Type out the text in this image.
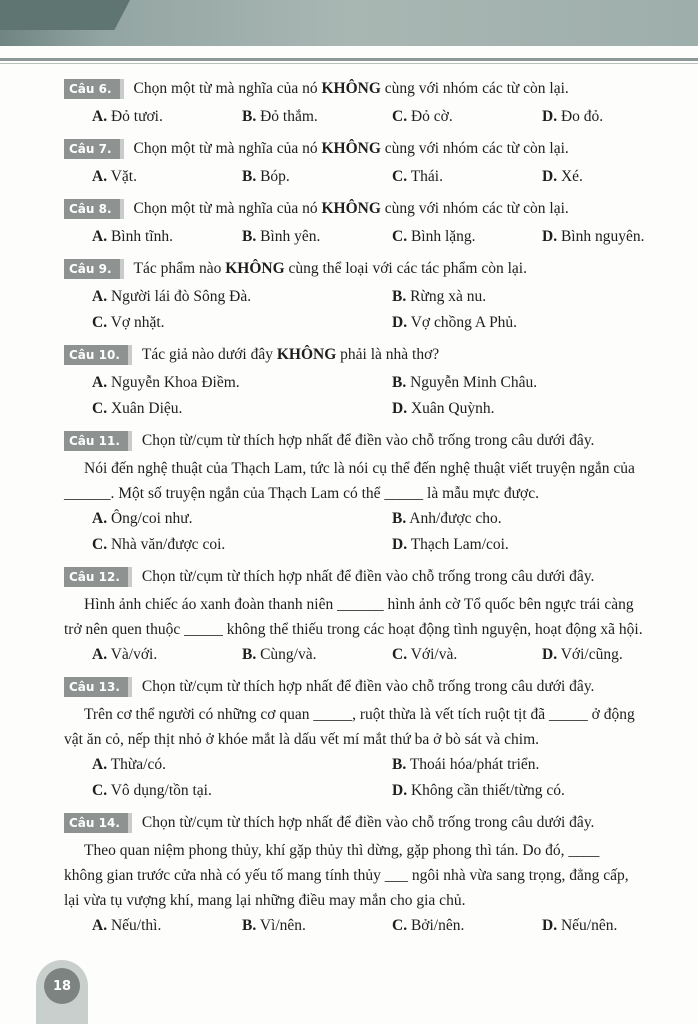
Câu 6.	Chọn một từ mà nghĩa của nó KHÔNG cùng với nhóm các từ còn lại.
A. Đỏ tươi.	B. Đỏ thắm.	C. Đỏ cờ.	D. Đo đỏ.
Câu 7.	Chọn một từ mà nghĩa của nó KHÔNG cùng với nhóm các từ còn lại.
A. Vặt.	B. Bóp.	C. Thái.	D. Xé.
Câu 8.	Chọn một từ mà nghĩa của nó KHÔNG cùng với nhóm các từ còn lại.
A. Bình tĩnh.	B. Bình yên.	C. Bình lặng.	D. Bình nguyên.
Câu 9.	Tác phẩm nào KHÔNG cùng thể loại với các tác phẩm còn lại.
A. Người lái đò Sông Đà.	B. Rừng xà nu.
C. Vợ nhặt.	D. Vợ chồng A Phủ.
Câu 10.	Tác giả nào dưới đây KHÔNG phải là nhà thơ?
A. Nguyễn Khoa Điềm.	B. Nguyễn Minh Châu.
C. Xuân Diệu.	D. Xuân Quỳnh.
Câu 11.	Chọn từ/cụm từ thích hợp nhất để điền vào chỗ trống trong câu dưới đây.
Nói đến nghệ thuật của Thạch Lam, tức là nói cụ thể đến nghệ thuật viết truyện ngắn của
______. Một số truyện ngắn của Thạch Lam có thể _____ là mẫu mực được.
A. Ông/coi như.	B. Anh/được cho.
C. Nhà văn/được coi.	D. Thạch Lam/coi.
Câu 12.	Chọn từ/cụm từ thích hợp nhất để điền vào chỗ trống trong câu dưới đây.
Hình ảnh chiếc áo xanh đoàn thanh niên ______ hình ảnh cờ Tổ quốc bên ngực trái càng
trở nên quen thuộc _____ không thể thiếu trong các hoạt động tình nguyện, hoạt động xã hội.
A. Và/với.	B. Cùng/và.	C. Với/và.	D. Với/cũng.
Câu 13.	Chọn từ/cụm từ thích hợp nhất để điền vào chỗ trống trong câu dưới đây.
Trên cơ thể người có những cơ quan _____, ruột thừa là vết tích ruột tịt đã _____ ở động
vật ăn cỏ, nếp thịt nhỏ ở khóe mắt là dấu vết mí mắt thứ ba ở bò sát và chim.
A. Thừa/có.	B. Thoái hóa/phát triển.
C. Vô dụng/tồn tại.	D. Không cần thiết/từng có.
Câu 14.	Chọn từ/cụm từ thích hợp nhất để điền vào chỗ trống trong câu dưới đây.
Theo quan niệm phong thủy, khí gặp thủy thì dừng, gặp phong thì tán. Do đó, ____
không gian trước cửa nhà có yếu tố mang tính thủy ___ ngôi nhà vừa sang trọng, đẳng cấp,
lại vừa tụ vượng khí, mang lại những điều may mắn cho gia chủ.
A. Nếu/thì.	B. Vì/nên.	C. Bởi/nên.	D. Nếu/nên.
18
